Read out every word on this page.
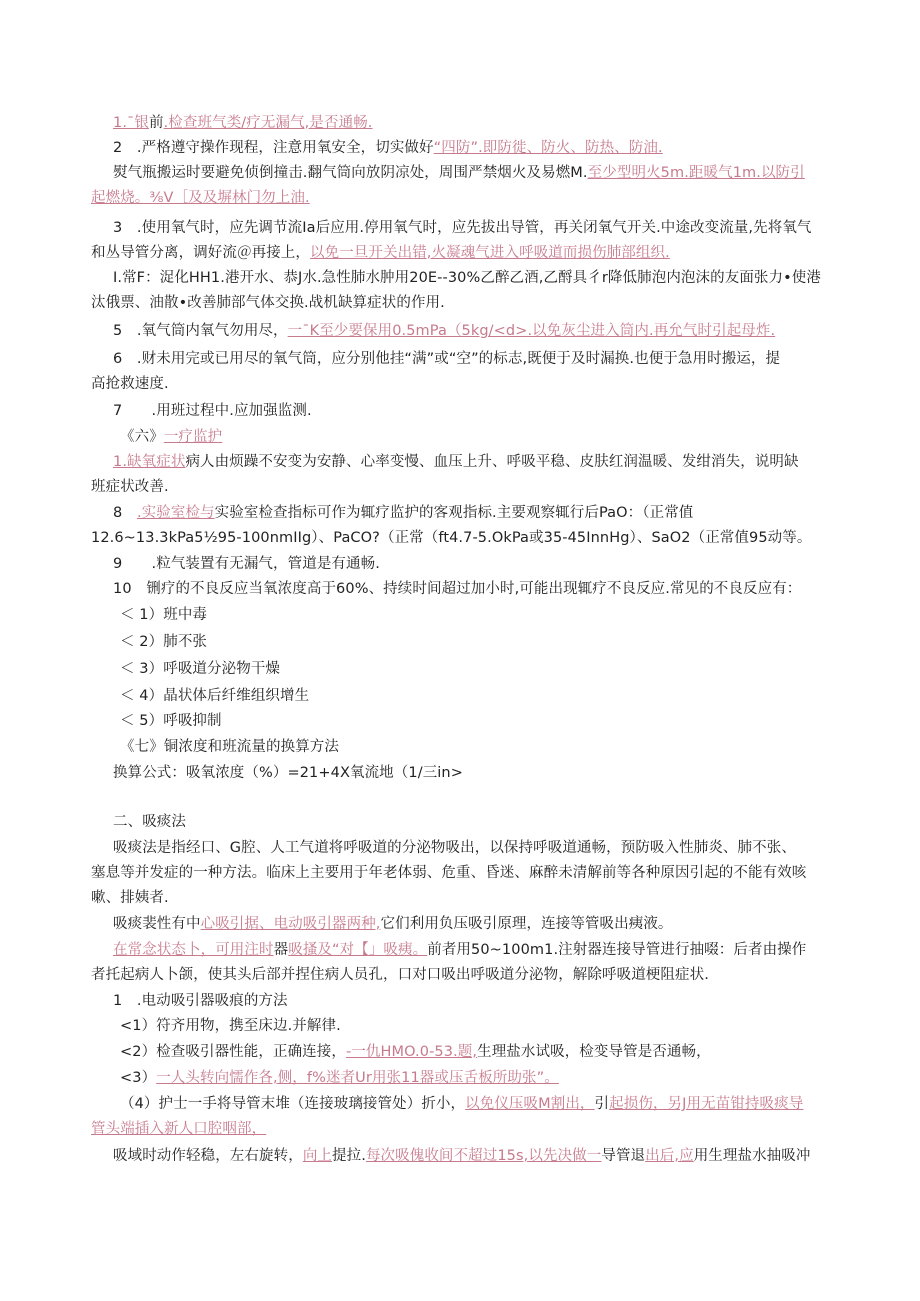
1.ˉ银前.检查班气类/疗无漏气,是否通畅.
2　.严格遵守操作现程，注意用氧安全，切实做好“四防”.即防徙、防火、防热、防油.
熨气瓶搬运时要避免侦倒撞击.翻气筒向放阴凉处，周围严禁烟火及易燃M.至少型明火5m.距暖气1m.以防引
起燃烧。⅜V［及及塀林门勿上油.
3　.使用氧气时，应先调节流Ia后应用.停用氧气时，应先拔出导管，再关闭氧气开关.中途改变流量,先将氧气
和丛导管分离，调好流＠再接上，以免一旦开关出错,火凝魂气进入呼吸道而损伤肺部组织.
I.常F：浞化HH1.港开水、恭J水.急性肺水肿用20E--30%乙醉乙酒,乙酹具彳r降低肺泡内泡沫的友面张力•使港
汰俄票、油散•改善肺部气体交换.战机缺算症状的作用.
5　.氧气筒内氧气勿用尽，一ˉK至少要保用0.5mPa（5kg/<d>.以免灰尘进入筒内.再允气时引起母炸.
6　.财未用完或已用尽的氧气筒，应分别他挂“满”或“空”的标志,既便于及时漏换.也便于急用时搬运，提
高抢救速度.
7　　.用班过程中.应加强监测.
《六》一疗监护
1.缺氧症状病人由烦躁不安变为安静、心率变慢、血压上升、呼吸平稳、皮肤红润温暖、发绀消失，说明缺
班症状改善.
8　.实验室检与实验室检查指标可作为辄疗监护的客观指标.主要观察辄行后PaO：（正常值
12.6~13.3kPa5½95-100nmIIg）、PaCO?（正常（ft4.7-5.OkPa或35-45InnHg）、SaO2（正常值95动等。
9　　.粒气装置有无漏气，管道是有通畅.
10　铏疗的不良反应当氧浓度高于60%、持续时间超过加小时,可能出现辄疗不良反应.常见的不良反应有：
＜ 1）班中毒
＜ 2）肺不张
＜ 3）呼吸道分泌物干燥
＜ 4）晶状体后纤维组织增生
＜ 5）呼吸抑制
《七》铜浓度和班流量的换算方法
换算公式：吸氧浓度（%）=21+4X氧流地（1/三in>
二、吸痰法
吸痰法是指经口、G腔、人工气道将呼吸道的分泌物吸出，以保持呼吸道通畅，预防吸入性肺炎、肺不张、
塞息等并发症的一种方法。临床上主要用于年老体弱、危重、昏迷、麻醉未清解前等各种原因引起的不能有效咳
嗽、排姨者.
吸痰裴性有中心吸引据、电动吸引器两种,它们利用负压吸引原理，连接等管吸出痍液。
在常念状态卜，可用注时器吸搔及“对【」吸痍。前者用50~100m1.注射器连接导管进行抽啜：后者由操作
者托起病人卜颌，使其头后部并捏住病人员孔，口对口吸出呼吸道分泌物，解除呼吸道梗阻症状.
1　.电动吸引器吸痕的方法
<1）符齐用物，携至床边.并解律.
<2）检查吸引器性能，正确连接，-一仇HMO.0-53.题,生理盐水试吸，检变导管是否通畅，
<3）一人头转向懦作各,侧，f%迷者Ur用张11器或压舌板所助张”。
（4）护士一手将导管末堆（连接玻璃接管处）折小，以免仪压吸M割出，引起损伤，另J用无苗钳持吸痰导
管头端插入新人口腔咽部，
吸域时动作轻稳，左右旋转，向上提拉.每次吸傀收间不超过15s,以先决做一导管退出后,应用生理盐水抽吸冲
